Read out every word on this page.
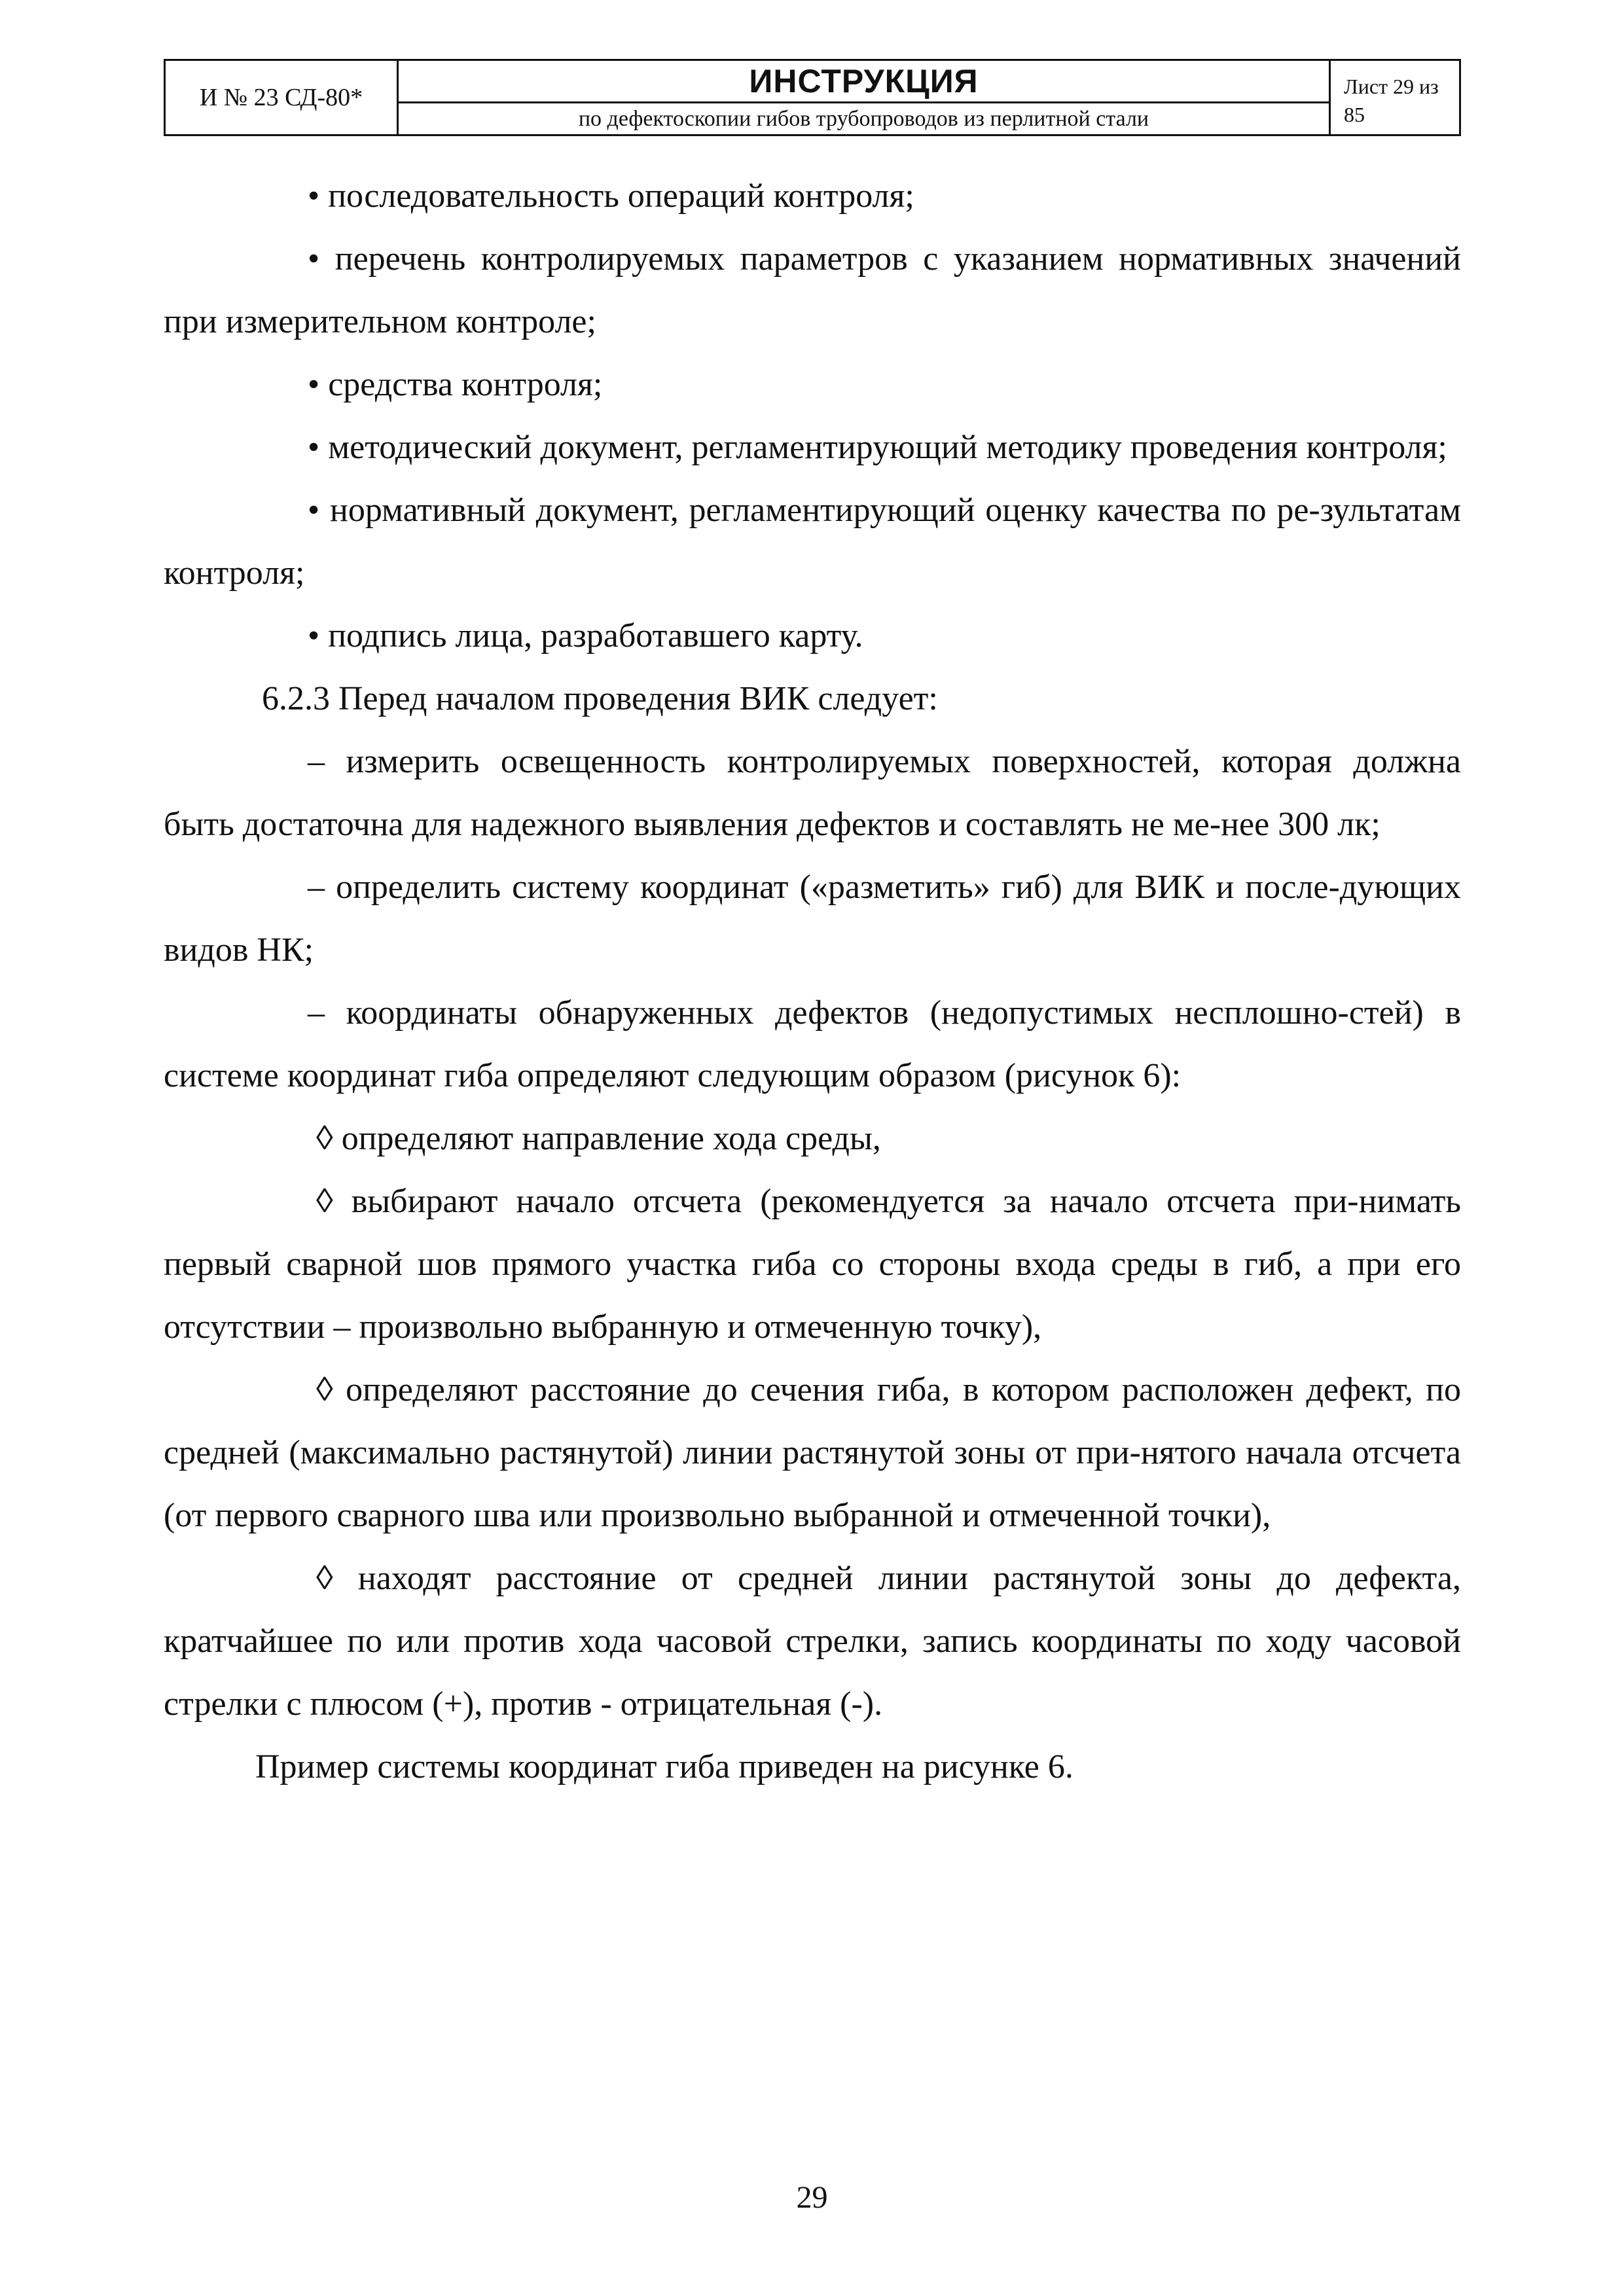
И № 23 СД-80*	ИНСТРУКЦИЯ
по дефектоскопии гибов трубопроводов из перлитной стали
Лист 29 из
85

• последовательность операций контроля;

• перечень контролируемых параметров с указанием нормативных значений при измерительном контроле;

• средства контроля;

• методический документ, регламентирующий методику проведения контроля;

• нормативный документ, регламентирующий оценку качества по ре-зультатам контроля;

• подпись лица, разработавшего карту.

6.2.3 Перед началом проведения ВИК следует:

– измерить освещенность контролируемых поверхностей, которая должна быть достаточна для надежного выявления дефектов и составлять не ме-нее 300 лк;

– определить систему координат («разметить» гиб) для ВИК и после-дующих видов НК;

– координаты обнаруженных дефектов (недопустимых несплошно-стей) в системе координат гиба определяют следующим образом (рисунок 6):

◊ определяют направление хода среды,

◊ выбирают начало отсчета (рекомендуется за начало отсчета при-нимать первый сварной шов прямого участка гиба со стороны входа среды в гиб, а при его отсутствии – произвольно выбранную и отмеченную точку),

◊ определяют расстояние до сечения гиба, в котором расположен дефект, по средней (максимально растянутой) линии растянутой зоны от при-нятого начала отсчета (от первого сварного шва или произвольно выбранной и отмеченной точки),

◊ находят расстояние от средней линии растянутой зоны до дефекта, кратчайшее по или против хода часовой стрелки, запись координаты по ходу часовой стрелки с плюсом (+), против - отрицательная (-).

Пример системы координат гиба приведен на рисунке 6.

29
